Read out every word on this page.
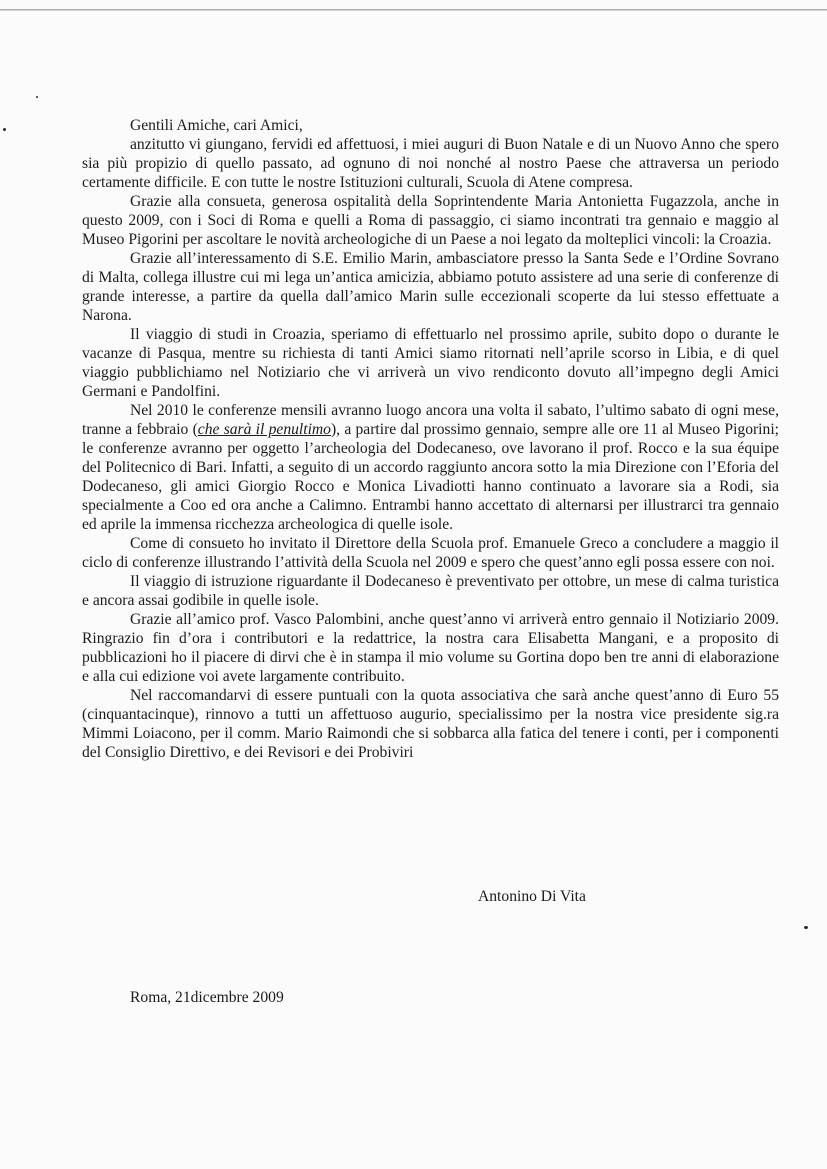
Gentili Amiche, cari Amici,

anzitutto vi giungano, fervidi ed affettuosi, i miei auguri di Buon Natale e di un Nuovo Anno che spero sia più propizio di quello passato, ad ognuno di noi nonché al nostro Paese che attraversa un periodo certamente difficile. E con tutte le nostre Istituzioni culturali, Scuola di Atene compresa.

Grazie alla consueta, generosa ospitalità della Soprintendente Maria Antonietta Fugazzola, anche in questo 2009, con i Soci di Roma e quelli a Roma di passaggio, ci siamo incontrati tra gennaio e maggio al Museo Pigorini per ascoltare le novità archeologiche di un Paese a noi legato da molteplici vincoli: la Croazia.

Grazie all’interessamento di S.E. Emilio Marin, ambasciatore presso la Santa Sede e l’Ordine Sovrano di Malta, collega illustre cui mi lega un’antica amicizia, abbiamo potuto assistere ad una serie di conferenze di grande interesse, a partire da quella dall’amico Marin sulle eccezionali scoperte da lui stesso effettuate a Narona.

Il viaggio di studi in Croazia, speriamo di effettuarlo nel prossimo aprile, subito dopo o durante le vacanze di Pasqua, mentre su richiesta di tanti Amici siamo ritornati nell’aprile scorso in Libia, e di quel viaggio pubblichiamo nel Notiziario che vi arriverà un vivo rendiconto dovuto all’impegno degli Amici Germani e Pandolfini.

Nel 2010 le conferenze mensili avranno luogo ancora una volta il sabato, l’ultimo sabato di ogni mese, tranne a febbraio (che sarà il penultimo), a partire dal prossimo gennaio, sempre alle ore 11 al Museo Pigorini; le conferenze avranno per oggetto l’archeologia del Dodecaneso, ove lavorano il prof. Rocco e la sua équipe del Politecnico di Bari. Infatti, a seguito di un accordo raggiunto ancora sotto la mia Direzione con l’Eforia del Dodecaneso, gli amici Giorgio Rocco e Monica Livadiotti hanno continuato a lavorare sia a Rodi, sia specialmente a Coo ed ora anche a Calimno. Entrambi hanno accettato di alternarsi per illustrarci tra gennaio ed aprile la immensa ricchezza archeologica di quelle isole.

Come di consueto ho invitato il Direttore della Scuola prof. Emanuele Greco a concludere a maggio il ciclo di conferenze illustrando l’attività della Scuola nel 2009 e spero che quest’anno egli possa essere con noi.

Il viaggio di istruzione riguardante il Dodecaneso è preventivato per ottobre, un mese di calma turistica e ancora assai godibile in quelle isole.

Grazie all’amico prof. Vasco Palombini, anche quest’anno vi arriverà entro gennaio il Notiziario 2009. Ringrazio fin d’ora i contributori e la redattrice, la nostra cara Elisabetta Mangani, e a proposito di pubblicazioni ho il piacere di dirvi che è in stampa il mio volume su Gortina dopo ben tre anni di elaborazione e alla cui edizione voi avete largamente contribuito.

Nel raccomandarvi di essere puntuali con la quota associativa che sarà anche quest’anno di Euro 55 (cinquantacinque), rinnovo a tutti un affettuoso augurio, specialissimo per la nostra vice presidente sig.ra Mimmi Loiacono, per il comm. Mario Raimondi che si sobbarca alla fatica del tenere i conti, per i componenti del Consiglio Direttivo, e dei Revisori e dei Probiviri

Antonino Di Vita
Roma, 21dicembre 2009
